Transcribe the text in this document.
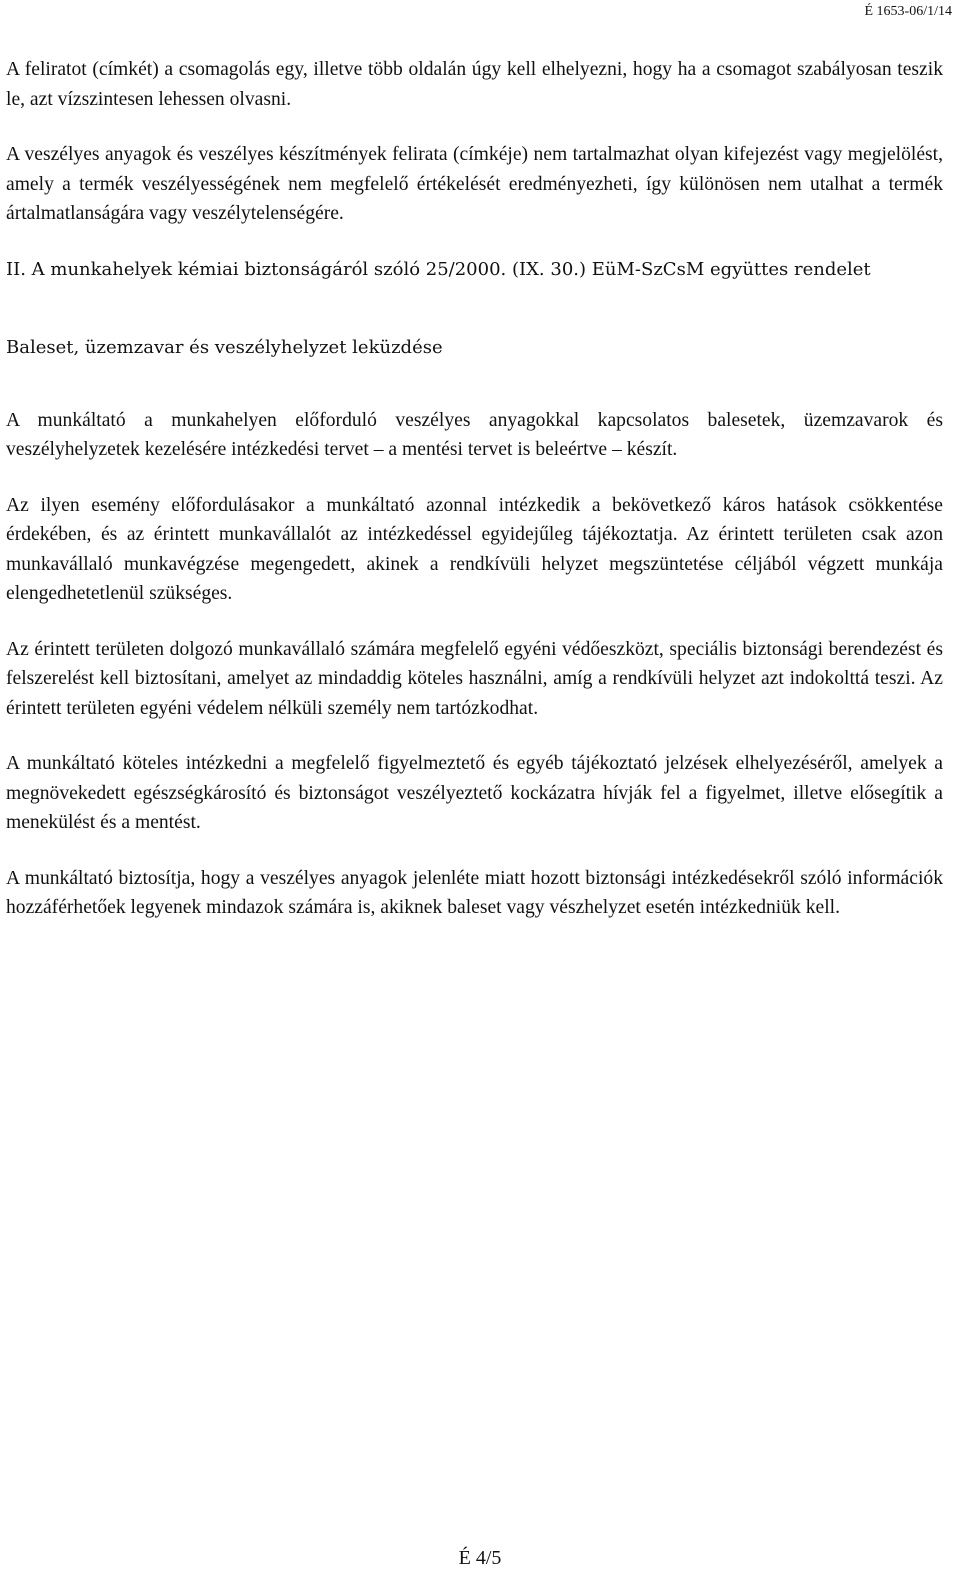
É 1653-06/1/14

A feliratot (címkét) a csomagolás egy, illetve több oldalán úgy kell elhelyezni, hogy ha a csomagot szabályosan teszik le, azt vízszintesen lehessen olvasni.

A veszélyes anyagok és veszélyes készítmények felirata (címkéje) nem tartalmazhat olyan kifejezést vagy megjelölést, amely a termék veszélyességének nem megfelelő értékelését eredményezheti, így különösen nem utalhat a termék ártalmatlanságára vagy veszélytelenségére.

II. A munkahelyek kémiai biztonságáról szóló 25/2000. (IX. 30.) EüM-SzCsM együttes rendelet
Baleset, üzemzavar és veszélyhelyzet leküzdése

A munkáltató a munkahelyen előforduló veszélyes anyagokkal kapcsolatos balesetek, üzemzavarok és veszélyhelyzetek kezelésére intézkedési tervet – a mentési tervet is beleértve – készít.

Az ilyen esemény előfordulásakor a munkáltató azonnal intézkedik a bekövetkező káros hatások csökkentése érdekében, és az érintett munkavállalót az intézkedéssel egyidejűleg tájékoztatja. Az érintett területen csak azon munkavállaló munkavégzése megengedett, akinek a rendkívüli helyzet megszüntetése céljából végzett munkája elengedhetetlenül szükséges.

Az érintett területen dolgozó munkavállaló számára megfelelő egyéni védőeszközt, speciális biztonsági berendezést és felszerelést kell biztosítani, amelyet az mindaddig köteles használni, amíg a rendkívüli helyzet azt indokolttá teszi. Az érintett területen egyéni védelem nélküli személy nem tartózkodhat.

A munkáltató köteles intézkedni a megfelelő figyelmeztető és egyéb tájékoztató jelzések elhelyezéséről, amelyek a megnövekedett egészségkárosító és biztonságot veszélyeztető kockázatra hívják fel a figyelmet, illetve elősegítik a menekülést és a mentést.

A munkáltató biztosítja, hogy a veszélyes anyagok jelenléte miatt hozott biztonsági intézkedésekről szóló információk hozzáférhetőek legyenek mindazok számára is, akiknek baleset vagy vészhelyzet esetén intézkedniük kell.

É 4/5
